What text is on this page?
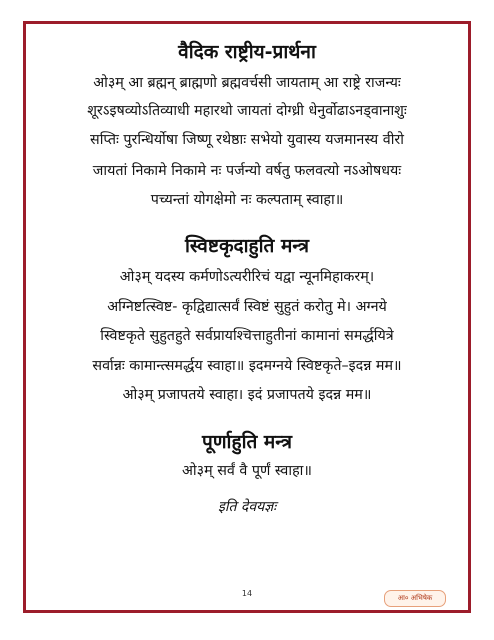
वैदिक राष्ट्रीय-प्रार्थना
ओ३म् आ ब्रह्मन् ब्राह्मणो ब्रह्मवर्चसी जायताम् आ राष्ट्रे राजन्यः
शूरऽइषव्योऽतिव्याधी महारथो जायतां दोग्ध्री धेनुर्वोढाऽनड्वानाशुः
सप्तिः पुरन्धिर्योषा जिष्णू रथेष्ठाः सभेयो युवास्य यजमानस्य वीरो
जायतां निकामे निकामे नः पर्जन्यो वर्षतु फलवत्यो नऽओषधयः
पच्यन्तां योगक्षेमो नः कल्पताम् स्वाहा॥
स्विष्टकृदाहुति मन्त्र
ओ३म् यदस्य कर्मणोऽत्यरीरिचं यद्वा न्यूनमिहाकरम्।
अग्निष्टत्स्विष्ट- कृद्विद्यात्सर्वं स्विष्टं सुहुतं करोतु मे। अग्नये
स्विष्टकृते सुहुतहुते सर्वप्रायश्चित्ताहुतीनां कामानां समर्द्धयित्रे
सर्वान्नः कामान्त्समर्द्धय स्वाहा॥ इदमग्नये स्विष्टकृते–इदन्न मम॥
ओ३म् प्रजापतये स्वाहा। इदं प्रजापतये इदन्न मम॥
पूर्णाहुति मन्त्र
ओ३म् सर्वं वै पूर्णं स्वाहा॥
इति देवयज्ञः
14	आ० अभिषेक
